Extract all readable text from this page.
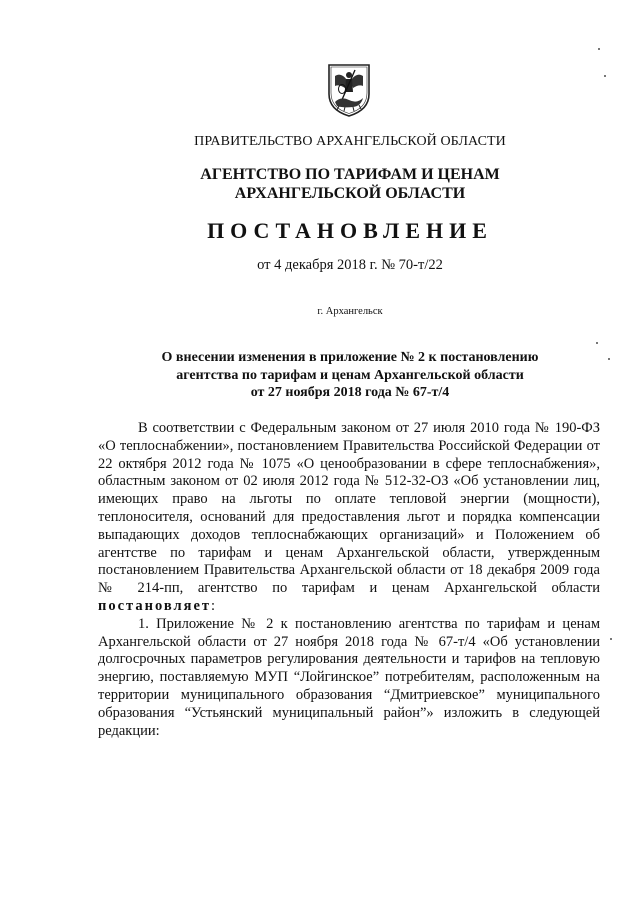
ПРАВИТЕЛЬСТВО АРХАНГЕЛЬСКОЙ ОБЛАСТИ
АГЕНТСТВО ПО ТАРИФАМ И ЦЕНАМ
АРХАНГЕЛЬСКОЙ ОБЛАСТИ
ПОСТАНОВЛЕНИЕ
от 4 декабря 2018 г. № 70-т/22
г. Архангельск
О внесении изменения в приложение № 2 к постановлению
агентства по тарифам и ценам Архангельской области
от 27 ноября 2018 года № 67-т/4

В соответствии с Федеральным законом от 27 июля 2010 года № 190-ФЗ «О теплоснабжении», постановлением Правительства Российской Федерации от 22 октября 2012 года № 1075 «О ценообразовании в сфере теплоснабжения», областным законом от 02 июля 2012 года № 512-32-ОЗ «Об установлении лиц, имеющих право на льготы по оплате тепловой энергии (мощности), теплоносителя, оснований для предоставления льгот и порядка компенсации выпадающих доходов теплоснабжающих организаций» и Положением об агентстве по тарифам и ценам Архангельской области, утвержденным постановлением Правительства Архангельской области от 18 декабря 2009 года № 214-пп, агентство по тарифам и ценам Архангельской области постановляет:

1. Приложение № 2 к постановлению агентства по тарифам и ценам Архангельской области от 27 ноября 2018 года № 67-т/4 «Об установлении долгосрочных параметров регулирования деятельности и тарифов на тепловую энергию, поставляемую МУП “Лойгинское” потребителям, расположенным на территории муниципального образования “Дмитриевское” муниципального образования “Устьянский муниципальный район”» изложить в следующей редакции:
